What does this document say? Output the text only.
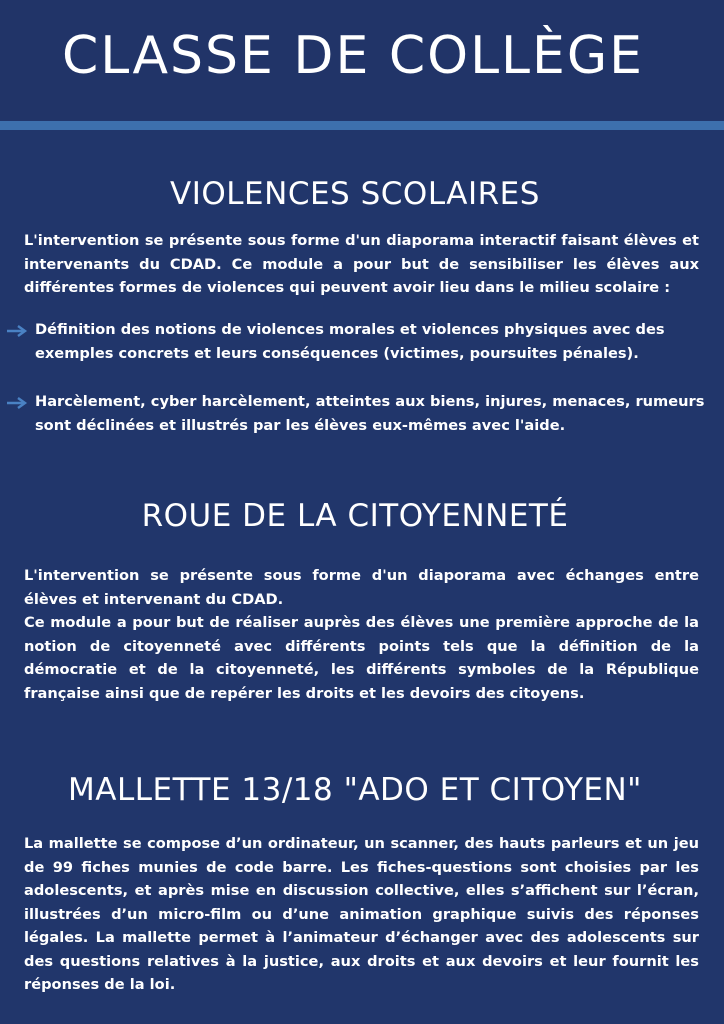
CLASSE DE COLLÈGE
VIOLENCES SCOLAIRES

L'intervention se présente sous forme d'un diaporama interactif faisant élèves et intervenants du CDAD. Ce module a pour but de sensibiliser les élèves aux différentes formes de violences qui peuvent avoir lieu dans le milieu scolaire :

Définition des notions de violences morales et violences physiques avec des exemples concrets et leurs conséquences (victimes, poursuites pénales).
Harcèlement, cyber harcèlement, atteintes aux biens, injures, menaces, rumeurs sont déclinées et illustrés par les élèves eux-mêmes avec l'aide.
ROUE DE LA CITOYENNETÉ

L'intervention se présente sous forme d'un diaporama avec échanges entre élèves et intervenant du CDAD.

Ce module a pour but de réaliser auprès des élèves une première approche de la notion de citoyenneté avec différents points tels que la définition de la démocratie et de la citoyenneté, les différents symboles de la République française ainsi que de repérer les droits et les devoirs des citoyens.

MALLETTE 13/18 "ADO ET CITOYEN"

La mallette se compose d’un ordinateur, un scanner, des hauts parleurs et un jeu de 99 fiches munies de code barre. Les fiches-questions sont choisies par les adolescents, et après mise en discussion collective, elles s’affichent sur l’écran, illustrées d’un micro-film ou d’une animation graphique suivis des réponses légales. La mallette permet à l’animateur d’échanger avec des adolescents sur des questions relatives à la justice, aux droits et aux devoirs et leur fournit les réponses de la loi.
